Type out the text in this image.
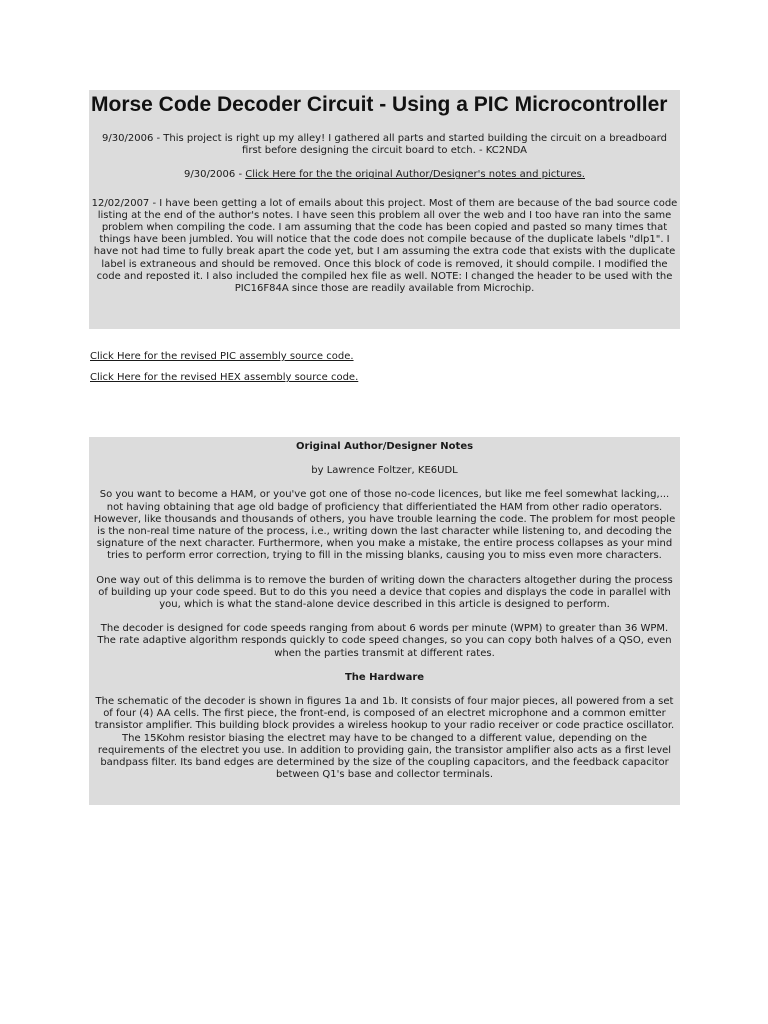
Morse Code Decoder Circuit - Using a PIC Microcontroller

9/30/2006 - This project is right up my alley! I gathered all parts and started building the circuit on a breadboard first before designing the circuit board to etch. - KC2NDA

9/30/2006 - Click Here for the the original Author/Designer's notes and pictures.

12/02/2007 - I have been getting a lot of emails about this project. Most of them are because of the bad source code listing at the end of the author's notes. I have seen this problem all over the web and I too have ran into the same problem when compiling the code. I am assuming that the code has been copied and pasted so many times that things have been jumbled. You will notice that the code does not compile because of the duplicate labels "dlp1". I have not had time to fully break apart the code yet, but I am assuming the extra code that exists with the duplicate label is extraneous and should be removed. Once this block of code is removed, it should compile. I modified the code and reposted it. I also included the compiled hex file as well. NOTE: I changed the header to be used with the PIC16F84A since those are readily available from Microchip.

Click Here for the revised PIC assembly source code.
Click Here for the revised HEX assembly source code.

Original Author/Designer Notes

by Lawrence Foltzer, KE6UDL

So you want to become a HAM, or you've got one of those no-code licences, but like me feel somewhat lacking,... not having obtaining that age old badge of proficiency that differientiated the HAM from other radio operators. However, like thousands and thousands of others, you have trouble learning the code. The problem for most people is the non-real time nature of the process, i.e., writing down the last character while listening to, and decoding the signature of the next character. Furthermore, when you make a mistake, the entire process collapses as your mind tries to perform error correction, trying to fill in the missing blanks, causing you to miss even more characters.

One way out of this delimma is to remove the burden of writing down the characters altogether during the process of building up your code speed. But to do this you need a device that copies and displays the code in parallel with you, which is what the stand-alone device described in this article is designed to perform.

The decoder is designed for code speeds ranging from about 6 words per minute (WPM) to greater than 36 WPM. The rate adaptive algorithm responds quickly to code speed changes, so you can copy both halves of a QSO, even when the parties transmit at different rates.

The Hardware

The schematic of the decoder is shown in figures 1a and 1b. It consists of four major pieces, all powered from a set of four (4) AA cells. The first piece, the front-end, is composed of an electret microphone and a common emitter transistor amplifier. This building block provides a wireless hookup to your radio receiver or code practice oscillator. The 15Kohm resistor biasing the electret may have to be changed to a different value, depending on the requirements of the electret you use. In addition to providing gain, the transistor amplifier also acts as a first level bandpass filter. Its band edges are determined by the size of the coupling capacitors, and the feedback capacitor between Q1's base and collector terminals.
